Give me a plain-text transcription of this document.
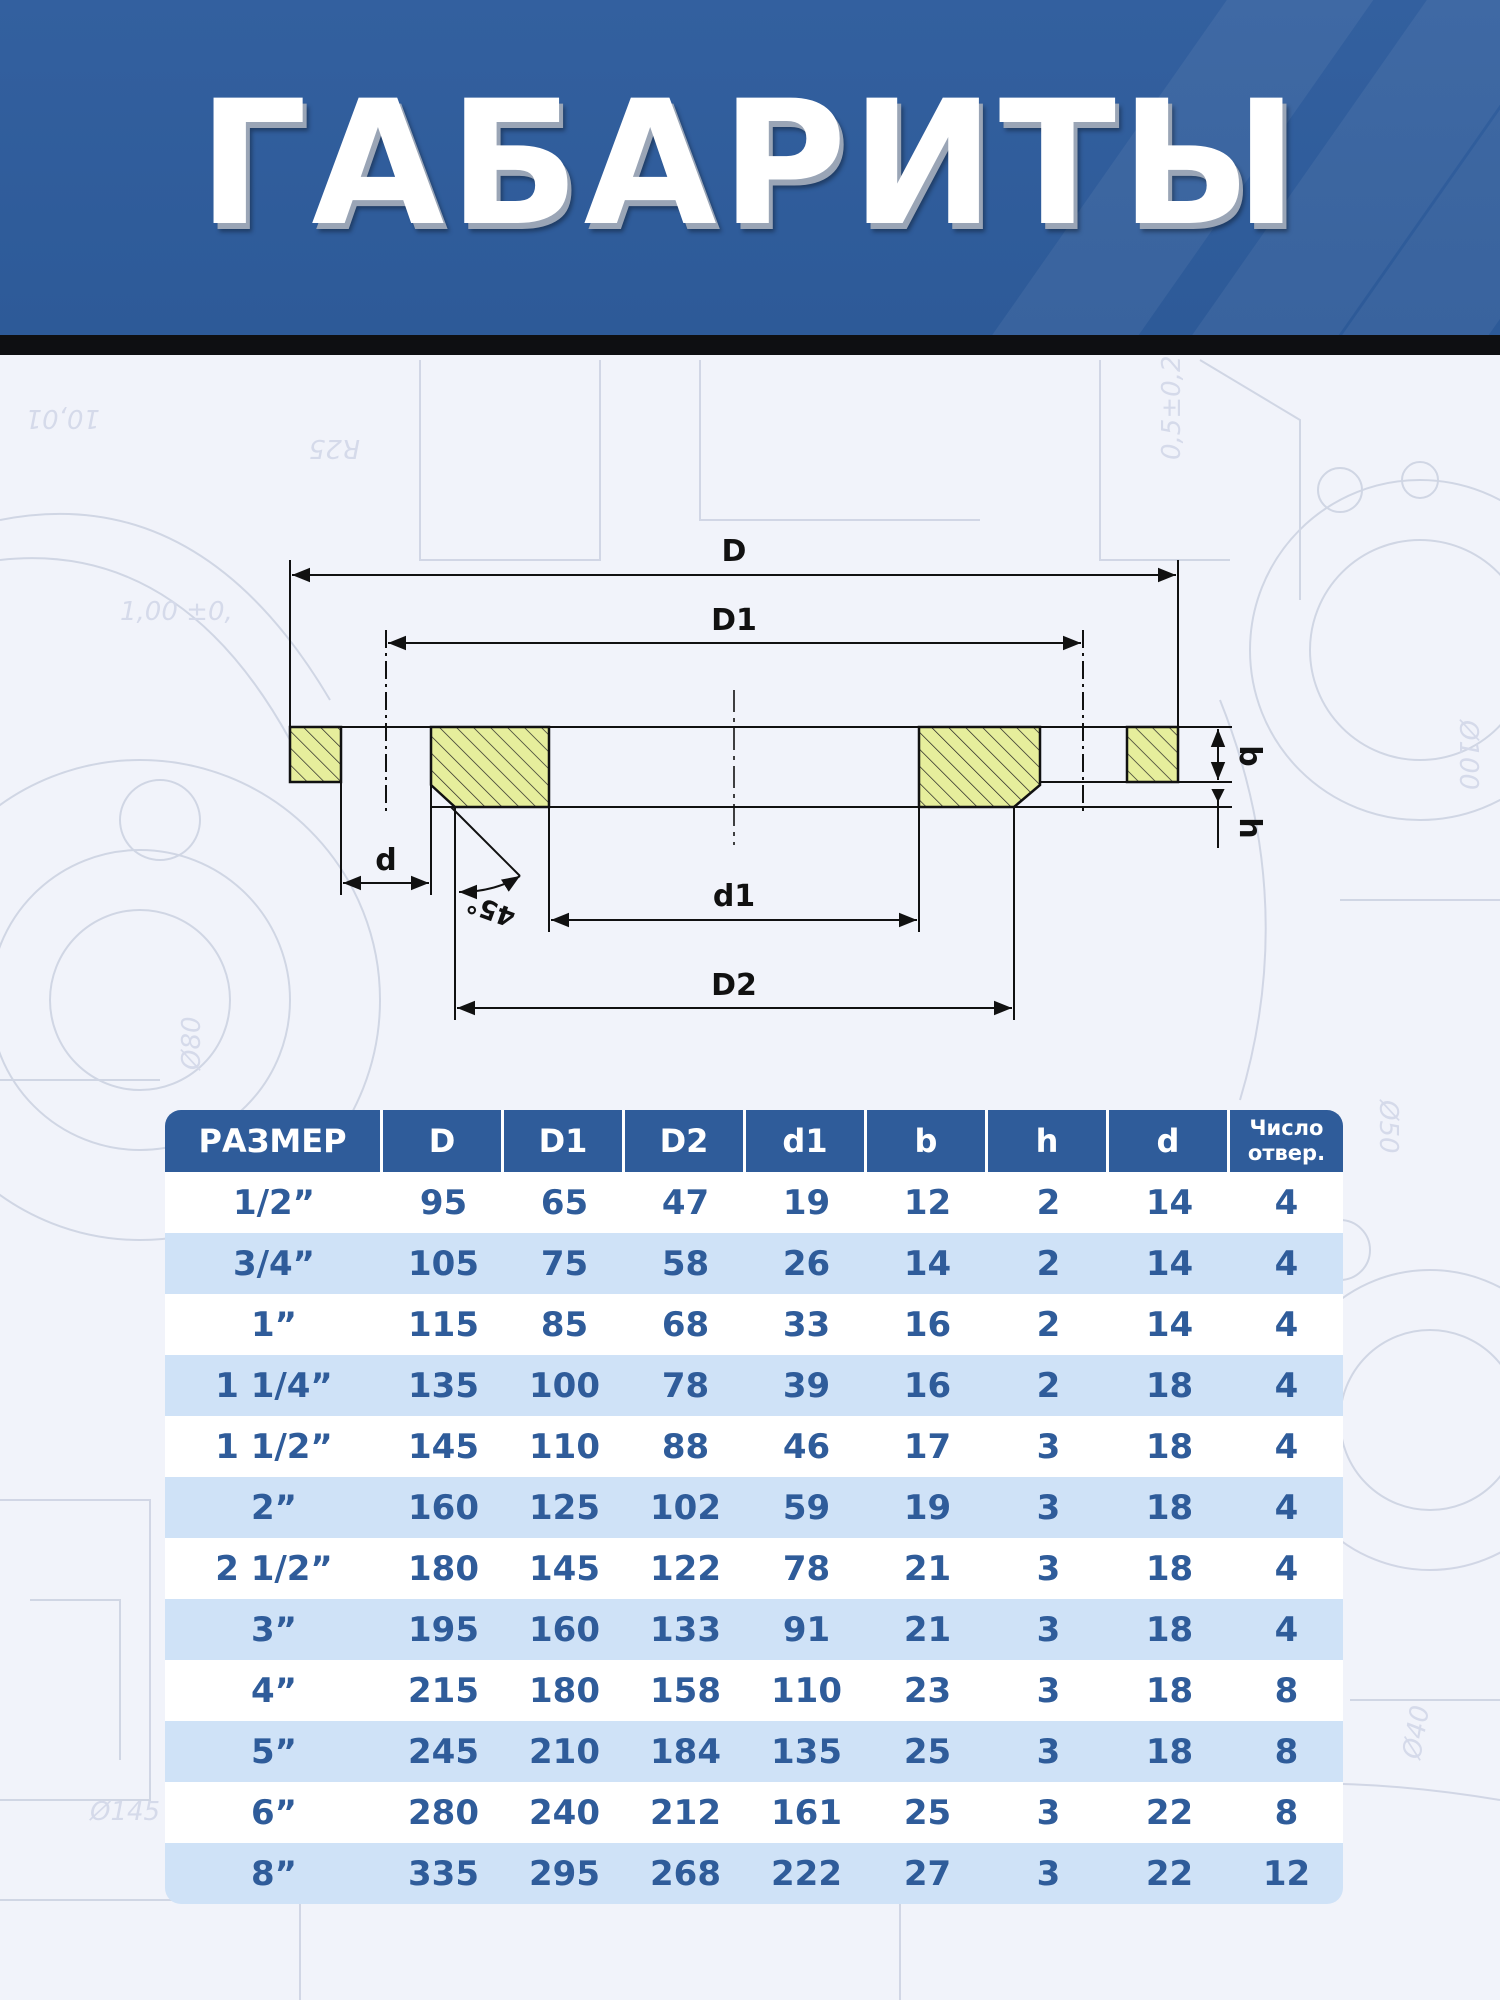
10,01
R25
1,00 ±0,
0,5±0,2
Ø100
Ø80
Ø50
Ø145
Ø40
ГАБАРИТЫ
D
D1
d
d1
D2
b
h
45°
РАЗМЕР	D	D1	D2	d1	b	h	d	Число
отвер.
1/2”	95	65	47	19	12	2	14	4
3/4”	105	75	58	26	14	2	14	4
1”	115	85	68	33	16	2	14	4
1 1/4”	135	100	78	39	16	2	18	4
1 1/2”	145	110	88	46	17	3	18	4
2”	160	125	102	59	19	3	18	4
2 1/2”	180	145	122	78	21	3	18	4
3”	195	160	133	91	21	3	18	4
4”	215	180	158	110	23	3	18	8
5”	245	210	184	135	25	3	18	8
6”	280	240	212	161	25	3	22	8
8”	335	295	268	222	27	3	22	12
